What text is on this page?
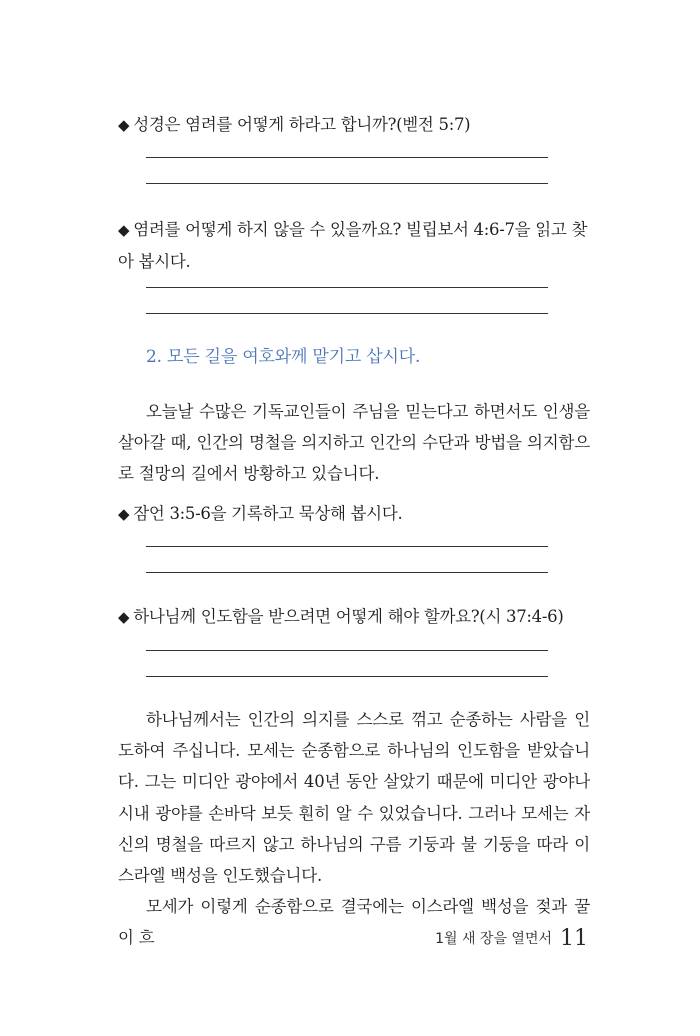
◆ 성경은 염려를 어떻게 하라고 합니까?(벧전 5:7)
◆ 염려를 어떻게 하지 않을 수 있을까요? 빌립보서 4:6-7을 읽고 찾아 봅시다.
2. 모든 길을 여호와께 맡기고 삽시다.
오늘날 수많은 기독교인들이 주님을 믿는다고 하면서도 인생을 살아갈 때, 인간의 명철을 의지하고 인간의 수단과 방법을 의지함으로 절망의 길에서 방황하고 있습니다.
◆ 잠언 3:5-6을 기록하고 묵상해 봅시다.
◆ 하나님께 인도함을 받으려면 어떻게 해야 할까요?(시 37:4-6)

하나님께서는 인간의 의지를 스스로 꺾고 순종하는 사람을 인도하여 주십니다. 모세는 순종함으로 하나님의 인도함을 받았습니다. 그는 미디안 광야에서 40년 동안 살았기 때문에 미디안 광야나 시내 광야를 손바닥 보듯 훤히 알 수 있었습니다. 그러나 모세는 자신의 명철을 따르지 않고 하나님의 구름 기둥과 불 기둥을 따라 이스라엘 백성을 인도했습니다.

모세가 이렇게 순종함으로 결국에는 이스라엘 백성을 젖과 꿀이 흐	1월 새 장을 열면서 11
